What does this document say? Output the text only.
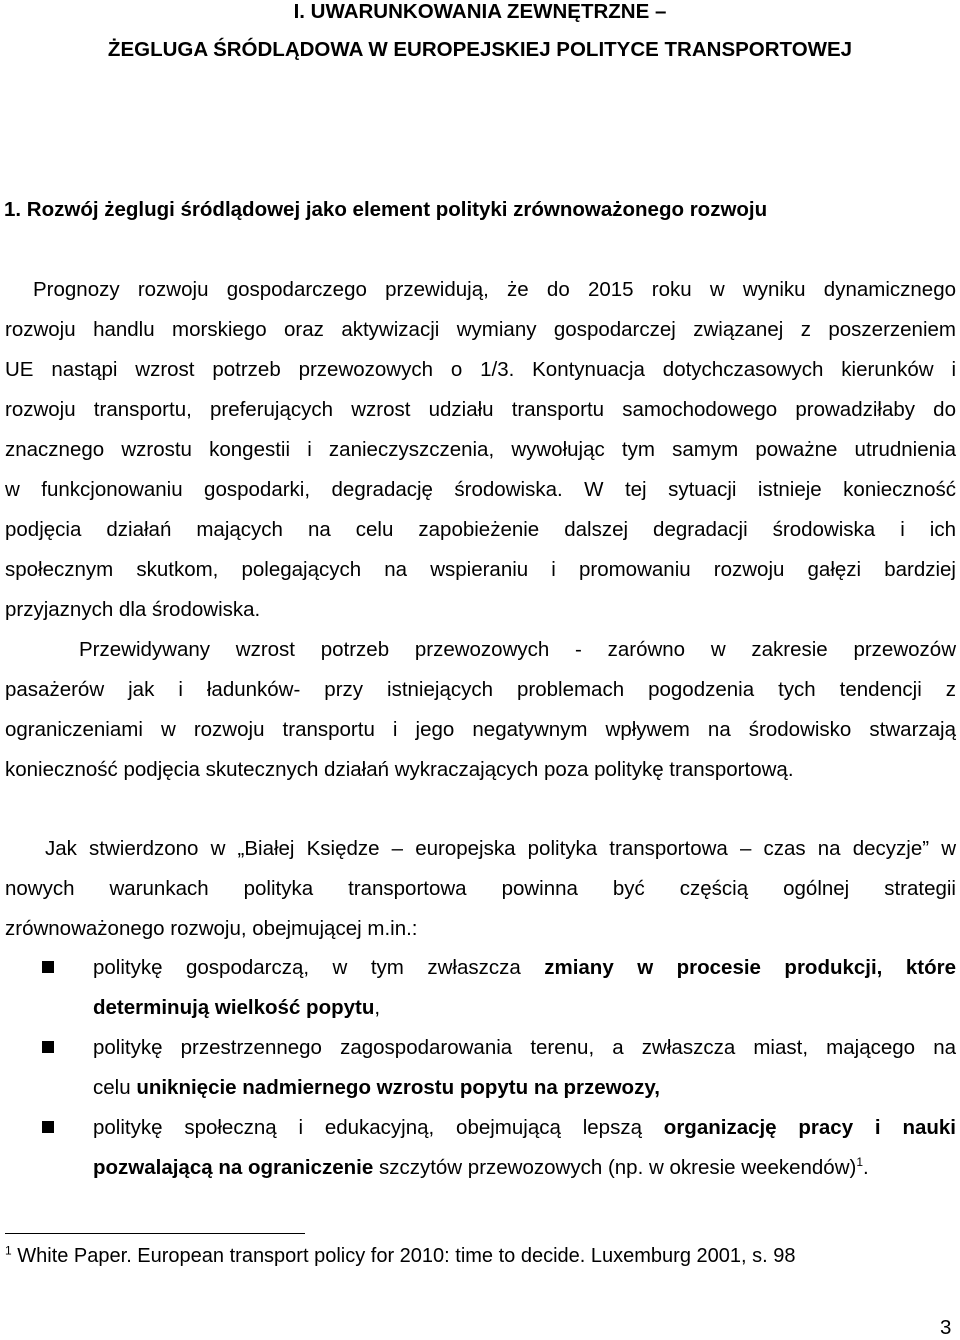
I. UWARUNKOWANIA ZEWNĘTRZNE –
ŻEGLUGA ŚRÓDLĄDOWA W EUROPEJSKIEJ POLITYCE TRANSPORTOWEJ
1. Rozwój żeglugi śródlądowej jako element polityki zrównoważonego rozwoju
Prognozy rozwoju gospodarczego przewidują, że do 2015 roku w wyniku dynamicznego
rozwoju handlu morskiego oraz aktywizacji wymiany gospodarczej związanej z poszerzeniem
UE nastąpi wzrost potrzeb przewozowych o 1/3. Kontynuacja dotychczasowych kierunków i
rozwoju transportu, preferujących wzrost udziału transportu samochodowego prowadziłaby do
znacznego wzrostu kongestii i zanieczyszczenia, wywołując tym samym poważne utrudnienia
w funkcjonowaniu gospodarki, degradację środowiska. W tej sytuacji istnieje konieczność
podjęcia działań mających na celu zapobieżenie dalszej degradacji środowiska i ich
społecznym skutkom, polegających na wspieraniu i promowaniu rozwoju gałęzi bardziej
przyjaznych dla środowiska.
Przewidywany wzrost potrzeb przewozowych - zarówno w zakresie przewozów
pasażerów jak i ładunków- przy istniejących problemach pogodzenia tych tendencji z
ograniczeniami w rozwoju transportu i jego negatywnym wpływem na środowisko stwarzają
konieczność podjęcia skutecznych działań wykraczających poza politykę transportową.
Jak stwierdzono w „Białej Księdze – europejska polityka transportowa – czas na decyzje” w
nowych warunkach polityka transportowa powinna być częścią ogólnej strategii
zrównoważonego rozwoju, obejmującej m.in.:
politykę gospodarczą, w tym zwłaszcza zmiany w procesie produkcji, które
determinują wielkość popytu,
politykę przestrzennego zagospodarowania terenu, a zwłaszcza miast, mającego na
celu uniknięcie nadmiernego wzrostu popytu na przewozy,
politykę społeczną i edukacyjną, obejmującą lepszą organizację pracy i nauki
pozwalającą na ograniczenie szczytów przewozowych (np. w okresie weekendów)$^1$.
$^1$ White Paper. European transport policy for 2010: time to decide. Luxemburg 2001, s. 98
3
